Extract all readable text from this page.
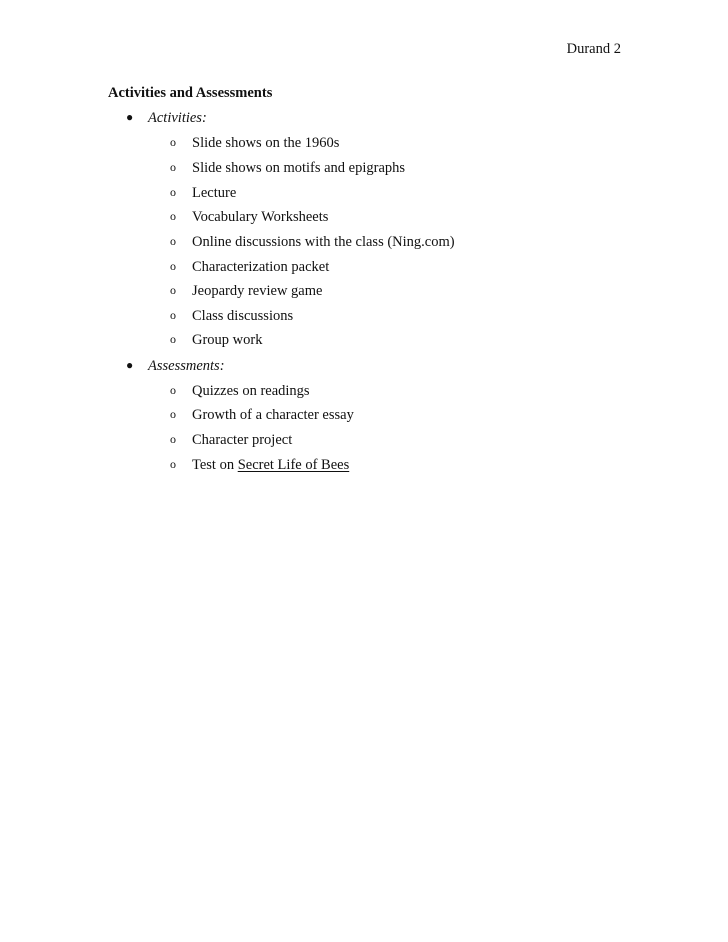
Durand 2
Activities and Assessments
● Activities:
o Slide shows on the 1960s
o Slide shows on motifs and epigraphs
o Lecture
o Vocabulary Worksheets
o Online discussions with the class (Ning.com)
o Characterization packet
o Jeopardy review game
o Class discussions
o Group work
● Assessments:
o Quizzes on readings
o Growth of a character essay
o Character project
o Test on Secret Life of Bees
